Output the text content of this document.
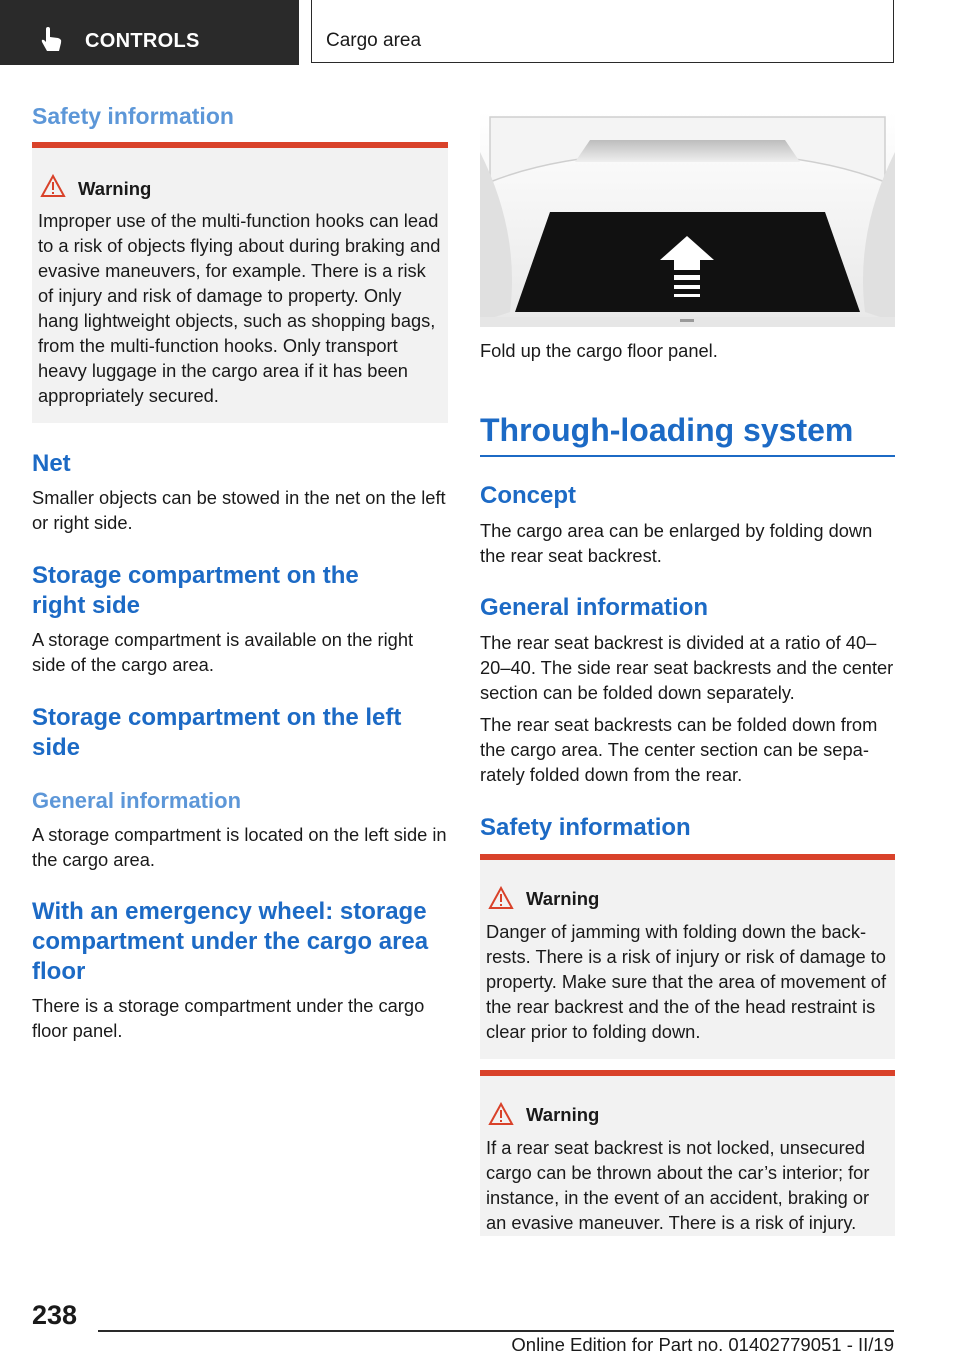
CONTROLS	Cargo area
Safety information
Warning

Improper use of the multi-function hooks can lead to a risk of objects flying about during braking and evasive maneuvers, for example. There is a risk of injury and risk of damage to property. Only hang lightweight objects, such as shopping bags, from the multi-function hooks. Only transport heavy luggage in the cargo area if it has been appropriately secured.

Net

Smaller objects can be stowed in the net on the left or right side.

Storage compartment on the right side

A storage compartment is available on the right side of the cargo area.

Storage compartment on the left side
General information

A storage compartment is located on the left side in the cargo area.

With an emergency wheel: storage compartment under the cargo area floor

There is a storage compartment under the cargo floor panel.

Fold up the cargo floor panel.

Through-loading system
Concept

The cargo area can be enlarged by folding down the rear seat backrest.

General information

The rear seat backrest is divided at a ratio of 40–20–40. The side rear seat backrests and the center section can be folded down separately.

The rear seat backrests can be folded down from the cargo area. The center section can be separately folded down from the rear.

Safety information
Warning

Danger of jamming with folding down the backrests. There is a risk of injury or risk of damage to property. Make sure that the area of movement of the rear backrest and the of the head restraint is clear prior to folding down.

Warning

If a rear seat backrest is not locked, unsecured cargo can be thrown about the car’s interior; for instance, in the event of an accident, braking or an evasive maneuver. There is a risk of injury.

238
Online Edition for Part no. 01402779051 - II/19
